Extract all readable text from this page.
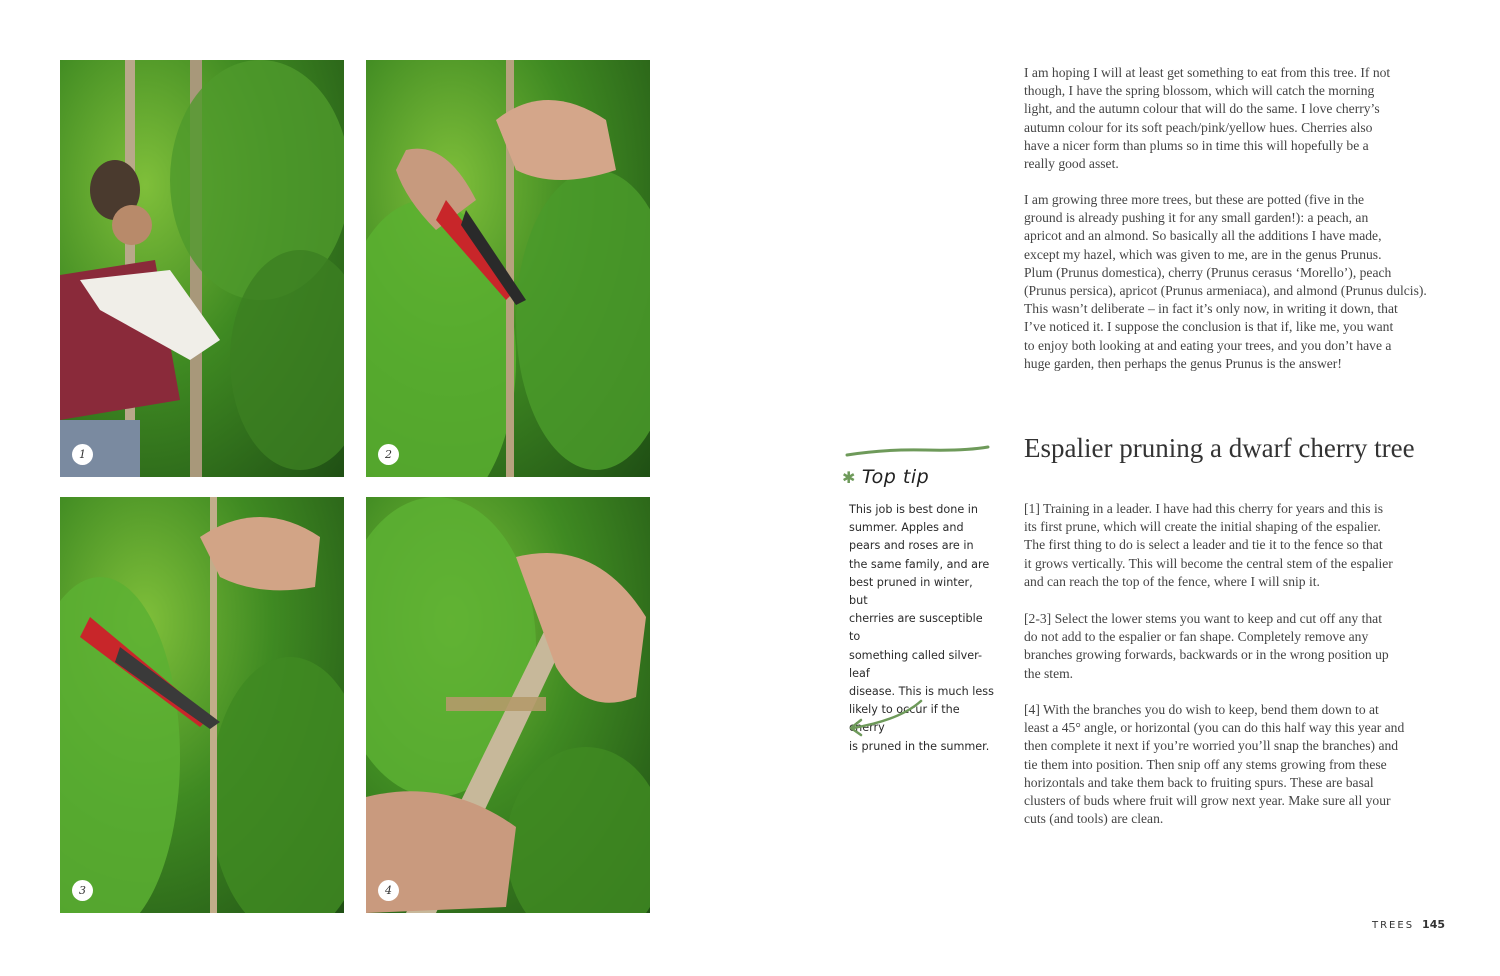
1	2
3	4

I am hoping I will at least get something to eat from this tree. If not
though, I have the spring blossom, which will catch the morning
light, and the autumn colour that will do the same. I love cherry’s
autumn colour for its soft peach/pink/yellow hues. Cherries also
have a nicer form than plums so in time this will hopefully be a
really good asset.

I am growing three more trees, but these are potted (five in the
ground is already pushing it for any small garden!): a peach, an
apricot and an almond. So basically all the additions I have made,
except my hazel, which was given to me, are in the genus Prunus.
Plum (Prunus domestica), cherry (Prunus cerasus ‘Morello’), peach
(Prunus persica), apricot (Prunus armeniaca), and almond (Prunus dulcis).
This wasn’t deliberate – in fact it’s only now, in writing it down, that
I’ve noticed it. I suppose the conclusion is that if, like me, you want
to enjoy both looking at and eating your trees, and you don’t have a
huge garden, then perhaps the genus Prunus is the answer!

Espalier pruning a dwarf cherry tree

[1] Training in a leader. I have had this cherry for years and this is
its first prune, which will create the initial shaping of the espalier.
The first thing to do is select a leader and tie it to the fence so that
it grows vertically. This will become the central stem of the espalier
and can reach the top of the fence, where I will snip it.

[2-3] Select the lower stems you want to keep and cut off any that
do not add to the espalier or fan shape. Completely remove any
branches growing forwards, backwards or in the wrong position up
the stem.

[4] With the branches you do wish to keep, bend them down to at
least a 45° angle, or horizontal (you can do this half way this year and
then complete it next if you’re worried you’ll snap the branches) and
tie them into position. Then snip off any stems growing from these
horizontals and take them back to fruiting spurs. These are basal
clusters of buds where fruit will grow next year. Make sure all your
cuts (and tools) are clean.

✱ Top tip

This job is best done in
summer. Apples and
pears and roses are in
the same family, and are
best pruned in winter, but
cherries are susceptible to
something called silver-leaf
disease. This is much less
likely to occur if the cherry
is pruned in the summer.

TREES 145
